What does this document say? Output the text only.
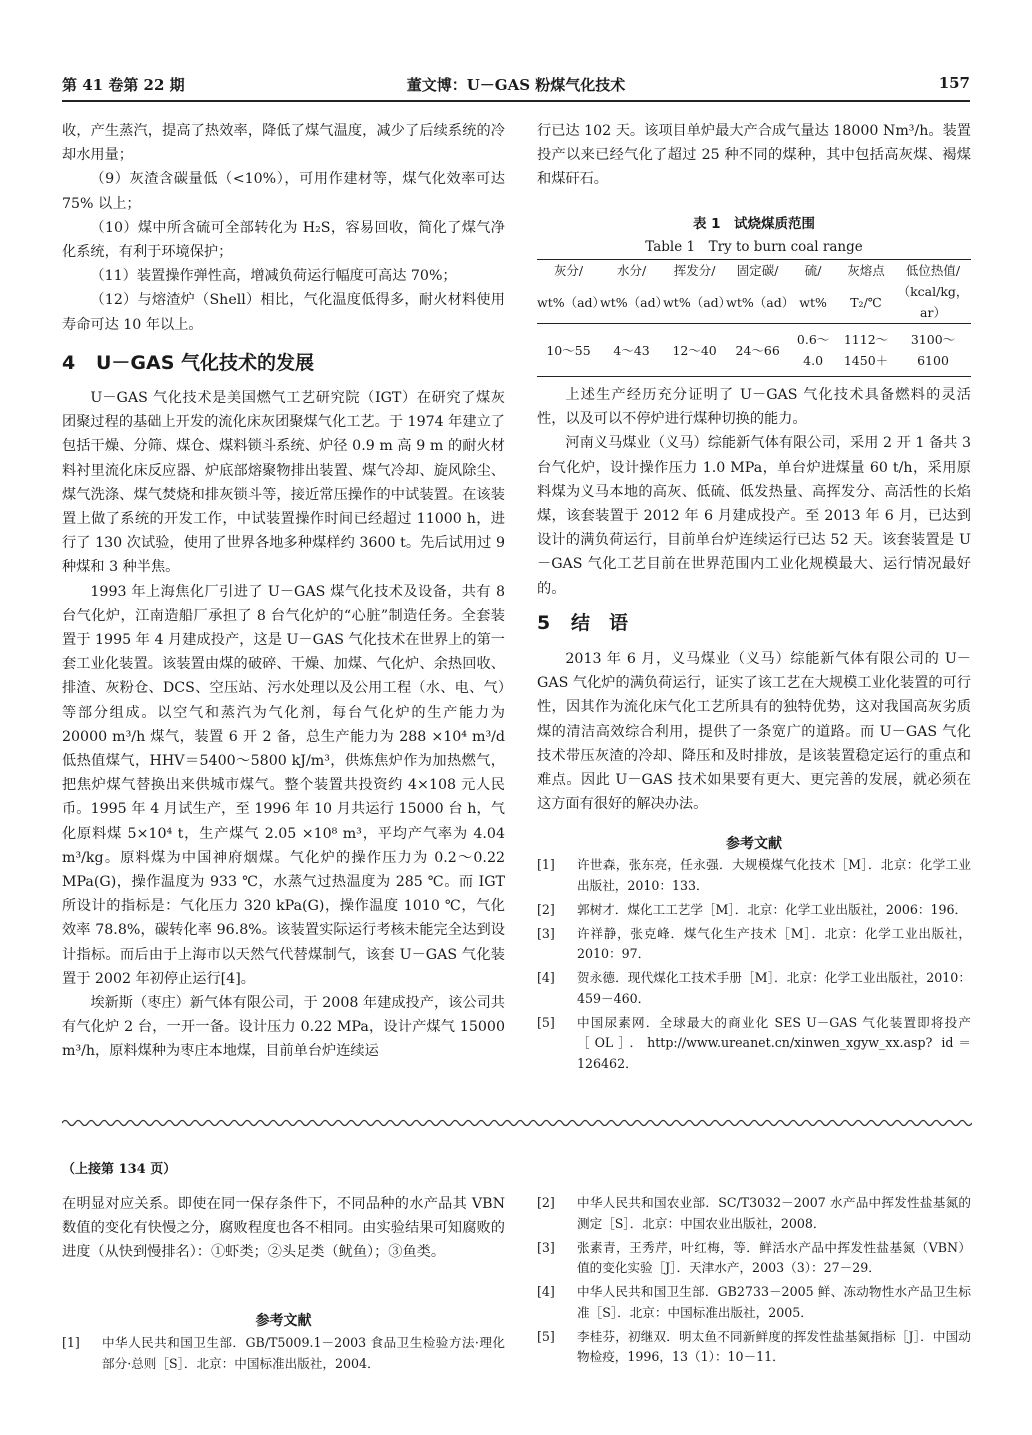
第 41 卷第 22 期	董文博：U－GAS 粉煤气化技术	157

收，产生蒸汽，提高了热效率，降低了煤气温度，减少了后续系统的冷却水用量；

（9）灰渣含碳量低（<10%），可用作建材等，煤气化效率可达 75% 以上；

（10）煤中所含硫可全部转化为 H₂S，容易回收，简化了煤气净化系统，有利于环境保护；

（11）装置操作弹性高，增减负荷运行幅度可高达 70%；

（12）与熔渣炉（Shell）相比，气化温度低得多，耐火材料使用寿命可达 10 年以上。

4 U－GAS 气化技术的发展

U－GAS 气化技术是美国燃气工艺研究院（IGT）在研究了煤灰团聚过程的基础上开发的流化床灰团聚煤气化工艺。于 1974 年建立了包括干燥、分筛、煤仓、煤料锁斗系统、炉径 0.9 m 高 9 m 的耐火材料衬里流化床反应器、炉底部熔聚物排出装置、煤气冷却、旋风除尘、煤气洗涤、煤气焚烧和排灰锁斗等，接近常压操作的中试装置。在该装置上做了系统的开发工作，中试装置操作时间已经超过 11000 h，进行了 130 次试验，使用了世界各地多种煤样约 3600 t。先后试用过 9 种煤和 3 种半焦。

1993 年上海焦化厂引进了 U－GAS 煤气化技术及设备，共有 8 台气化炉，江南造船厂承担了 8 台气化炉的“心脏”制造任务。全套装置于 1995 年 4 月建成投产，这是 U－GAS 气化技术在世界上的第一套工业化装置。该装置由煤的破碎、干燥、加煤、气化炉、余热回收、排渣、灰粉仓、DCS、空压站、污水处理以及公用工程（水、电、气）等部分组成。以空气和蒸汽为气化剂，每台气化炉的生产能力为 20000 m³/h 煤气，装置 6 开 2 备，总生产能力为 288 ×10⁴ m³/d 低热值煤气，HHV＝5400～5800 kJ/m³，供炼焦炉作为加热燃气，把焦炉煤气替换出来供城市煤气。整个装置共投资约 4×108 元人民币。1995 年 4 月试生产，至 1996 年 10 月共运行 15000 台 h，气化原料煤 5×10⁴ t，生产煤气 2.05 ×10⁸ m³，平均产气率为 4.04 m³/kg。原料煤为中国神府烟煤。气化炉的操作压力为 0.2～0.22 MPa(G)，操作温度为 933 ℃，水蒸气过热温度为 285 ℃。而 IGT 所设计的指标是：气化压力 320 kPa(G)，操作温度 1010 ℃，气化效率 78.8%，碳转化率 96.8%。该装置实际运行考核未能完全达到设计指标。而后由于上海市以天然气代替煤制气，该套 U－GAS 气化装置于 2002 年初停止运行[4]。

埃新斯（枣庄）新气体有限公司，于 2008 年建成投产，该公司共有气化炉 2 台，一开一备。设计压力 0.22 MPa，设计产煤气 15000 m³/h，原料煤种为枣庄本地煤，目前单台炉连续运

行已达 102 天。该项目单炉最大产合成气量达 18000 Nm³/h。装置投产以来已经气化了超过 25 种不同的煤种，其中包括高灰煤、褐煤和煤矸石。

表 1　试烧煤质范围
Table 1　Try to burn coal range
灰分/	水分/	挥发分/	固定碳/	硫/	灰熔点	低位热值/
wt%（ad）	wt%（ad）	wt%（ad）	wt%（ad）	wt%	T₂/℃	（kcal/kg，ar）
10～55	4～43	12～40	24～66	0.6～4.0	1112～1450＋	3100～6100

上述生产经历充分证明了 U－GAS 气化技术具备燃料的灵活性，以及可以不停炉进行煤种切换的能力。

河南义马煤业（义马）综能新气体有限公司，采用 2 开 1 备共 3 台气化炉，设计操作压力 1.0 MPa，单台炉进煤量 60 t/h，采用原料煤为义马本地的高灰、低硫、低发热量、高挥发分、高活性的长焰煤，该套装置于 2012 年 6 月建成投产。至 2013 年 6 月，已达到设计的满负荷运行，目前单台炉连续运行已达 52 天。该套装置是 U－GAS 气化工艺目前在世界范围内工业化规模最大、运行情况最好的。

5 结　语

2013 年 6 月，义马煤业（义马）综能新气体有限公司的 U－GAS 气化炉的满负荷运行，证实了该工艺在大规模工业化装置的可行性，因其作为流化床气化工艺所具有的独特优势，这对我国高灰劣质煤的清洁高效综合利用，提供了一条宽广的道路。而 U－GAS 气化技术带压灰渣的冷却、降压和及时排放，是该装置稳定运行的重点和难点。因此 U－GAS 技术如果要有更大、更完善的发展，就必须在这方面有很好的解决办法。

参考文献
[1]	许世森，张东亮，任永强．大规模煤气化技术［M］．北京：化学工业出版社，2010：133．
[2]	郭树才．煤化工工艺学［M］．北京：化学工业出版社，2006：196．
[3]	许祥静，张克峰．煤气化生产技术［M］．北京：化学工业出版社，2010：97．
[4]	贺永德．现代煤化工技术手册［M］．北京：化学工业出版社，2010：459－460．
[5]	中国尿素网．全球最大的商业化 SES U－GAS 气化装置即将投产［OL］．http://www.ureanet.cn/xinwen_xgyw_xx.asp? id＝126462．
（上接第 134 页）

在明显对应关系。即使在同一保存条件下，不同品种的水产品其 VBN 数值的变化有快慢之分，腐败程度也各不相同。由实验结果可知腐败的进度（从快到慢排名）：①虾类；②头足类（鱿鱼）；③鱼类。

参考文献
[1]	中华人民共和国卫生部．GB/T5009.1－2003 食品卫生检验方法·理化部分·总则［S］．北京：中国标准出版社，2004．
[2]	中华人民共和国农业部．SC/T3032－2007 水产品中挥发性盐基氮的测定［S］．北京：中国农业出版社，2008．
[3]	张素青，王秀芹，叶红梅，等．鲜活水产品中挥发性盐基氮（VBN）值的变化实验［J］．天津水产，2003（3）：27－29．
[4]	中华人民共和国卫生部．GB2733－2005 鲜、冻动物性水产品卫生标准［S］．北京：中国标准出版社，2005．
[5]	李桂芬，初继双．明太鱼不同新鲜度的挥发性盐基氮指标［J］．中国动物检疫，1996，13（1）：10－11．
